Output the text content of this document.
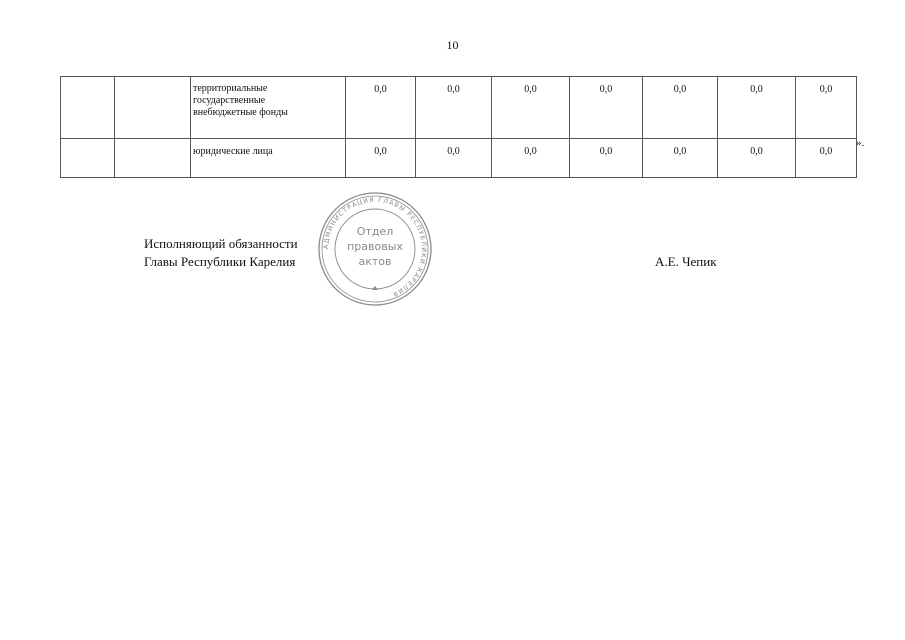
10

		территориальные
государственные
внебюджетные фонды	0,0	0,0	0,0	0,0	0,0	0,0	0,0

		юридические лица	0,0	0,0	0,0	0,0	0,0	0,0	0,0
».
Исполняющий обязанности
Главы Республики Карелия	А.Е. Чепик
АДМИНИСТРАЦИЯ ГЛАВЫ РЕСПУБЛИКИ КАРЕЛИЯ
Отдел
правовых
актов
